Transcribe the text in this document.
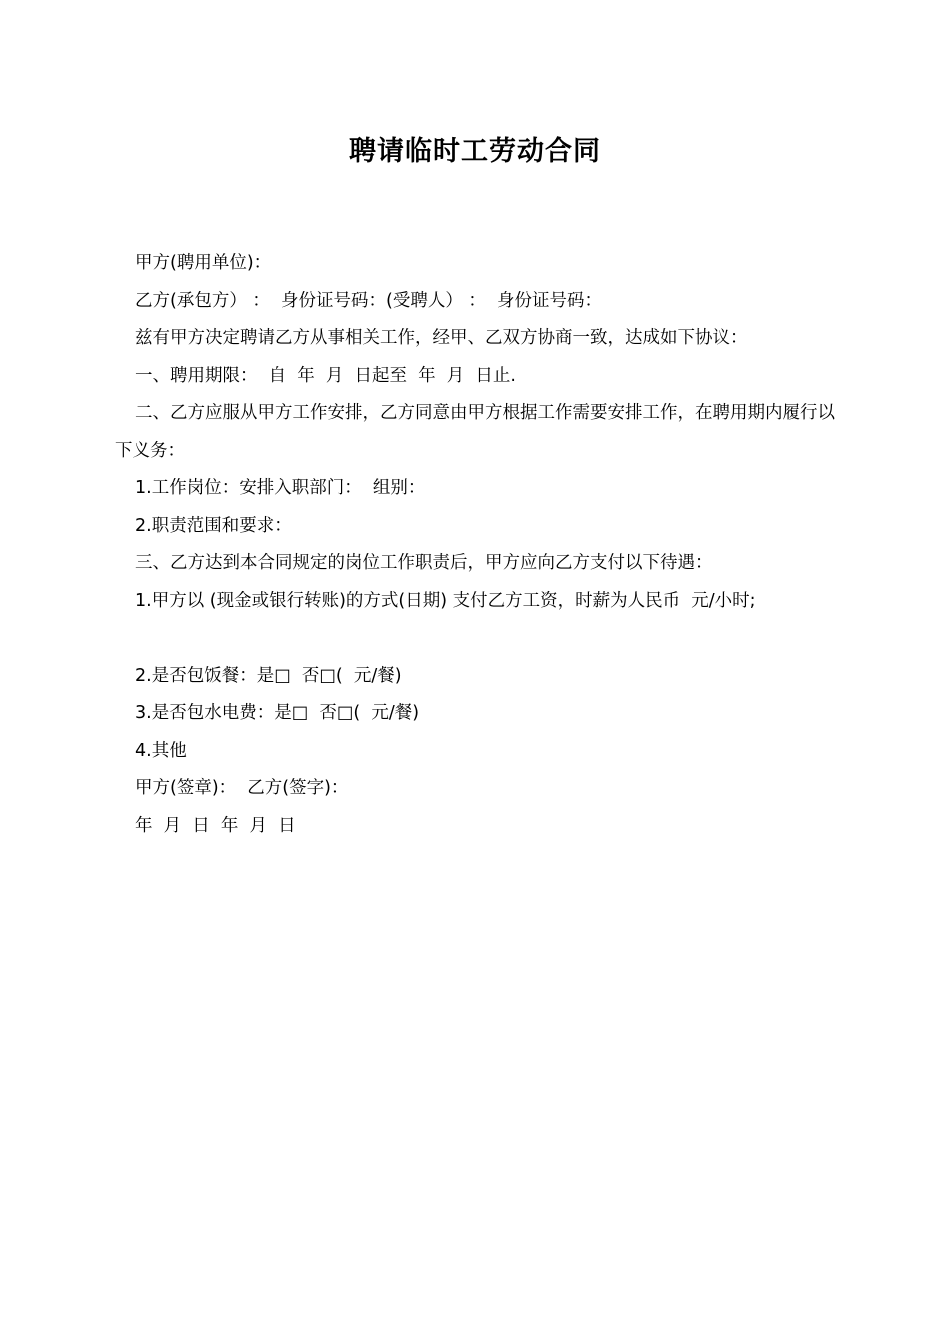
聘请临时工劳动合同

甲方(聘用单位)：

乙方(承包方） ：  身份证号码：(受聘人） ：  身份证号码：

兹有甲方决定聘请乙方从事相关工作，经甲、乙双方协商一致，达成如下协议：

一、聘用期限：  自  年  月  日起至  年  月  日止.

二、乙方应服从甲方工作安排，乙方同意由甲方根据工作需要安排工作，在聘用期内履行以下义务：

1.工作岗位：安排入职部门：  组别：

2.职责范围和要求：

三、乙方达到本合同规定的岗位工作职责后，甲方应向乙方支付以下待遇：

1.甲方以 (现金或银行转账)的方式(日期) 支付乙方工资，时薪为人民币  元/小时;

2.是否包饭餐：是□  否□(  元/餐)

3.是否包水电费：是□  否□(  元/餐)

4.其他

甲方(签章)：  乙方(签字)：

年  月  日  年  月  日
